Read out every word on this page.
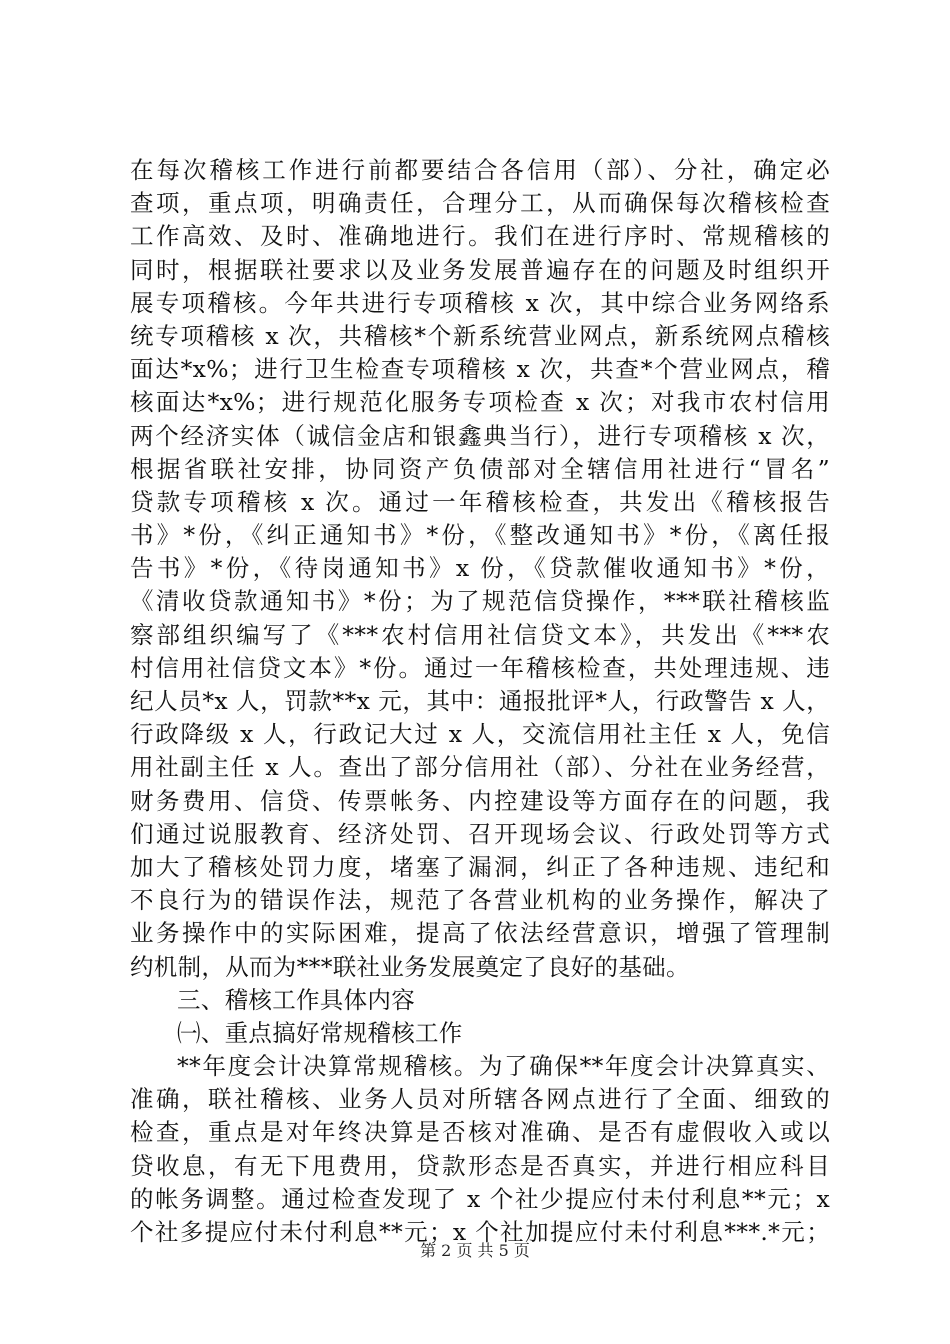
在每次稽核工作进行前都要结合各信用（部）、分社，确定必
查项，重点项，明确责任，合理分工，从而确保每次稽核检查
工作高效、及时、准确地进行。我们在进行序时、常规稽核的
同时，根据联社要求以及业务发展普遍存在的问题及时组织开
展专项稽核。今年共进行专项稽核 x 次，其中综合业务网络系
统专项稽核 x 次，共稽核*个新系统营业网点，新系统网点稽核
面达*x%；进行卫生检查专项稽核 x 次，共查*个营业网点，稽
核面达*x%；进行规范化服务专项检查 x 次；对我市农村信用
两个经济实体（诚信金店和银鑫典当行），进行专项稽核 x 次，
根据省联社安排，协同资产负债部对全辖信用社进行“冒名”
贷款专项稽核 x 次。通过一年稽核检查，共发出《稽核报告
书》*份，《纠正通知书》*份，《整改通知书》*份，《离任报
告书》*份，《待岗通知书》x 份，《贷款催收通知书》*份，
《清收贷款通知书》*份；为了规范信贷操作，***联社稽核监
察部组织编写了《***农村信用社信贷文本》，共发出《***农
村信用社信贷文本》*份。通过一年稽核检查，共处理违规、违
纪人员*x 人，罚款**x 元，其中：通报批评*人，行政警告 x 人，
行政降级 x 人，行政记大过 x 人，交流信用社主任 x 人，免信
用社副主任 x 人。查出了部分信用社（部）、分社在业务经营，
财务费用、信贷、传票帐务、内控建设等方面存在的问题，我
们通过说服教育、经济处罚、召开现场会议、行政处罚等方式
加大了稽核处罚力度，堵塞了漏洞，纠正了各种违规、违纪和
不良行为的错误作法，规范了各营业机构的业务操作，解决了
业务操作中的实际困难，提高了依法经营意识，增强了管理制
约机制，从而为***联社业务发展奠定了良好的基础。
三、稽核工作具体内容
㈠、重点搞好常规稽核工作
**年度会计决算常规稽核。为了确保**年度会计决算真实、
准确，联社稽核、业务人员对所辖各网点进行了全面、细致的
检查，重点是对年终决算是否核对准确、是否有虚假收入或以
贷收息，有无下甩费用，贷款形态是否真实，并进行相应科目
的帐务调整。通过检查发现了 x 个社少提应付未付利息**元；x
个社多提应付未付利息**元；x 个社加提应付未付利息***.*元；
第 2 页 共 5 页
